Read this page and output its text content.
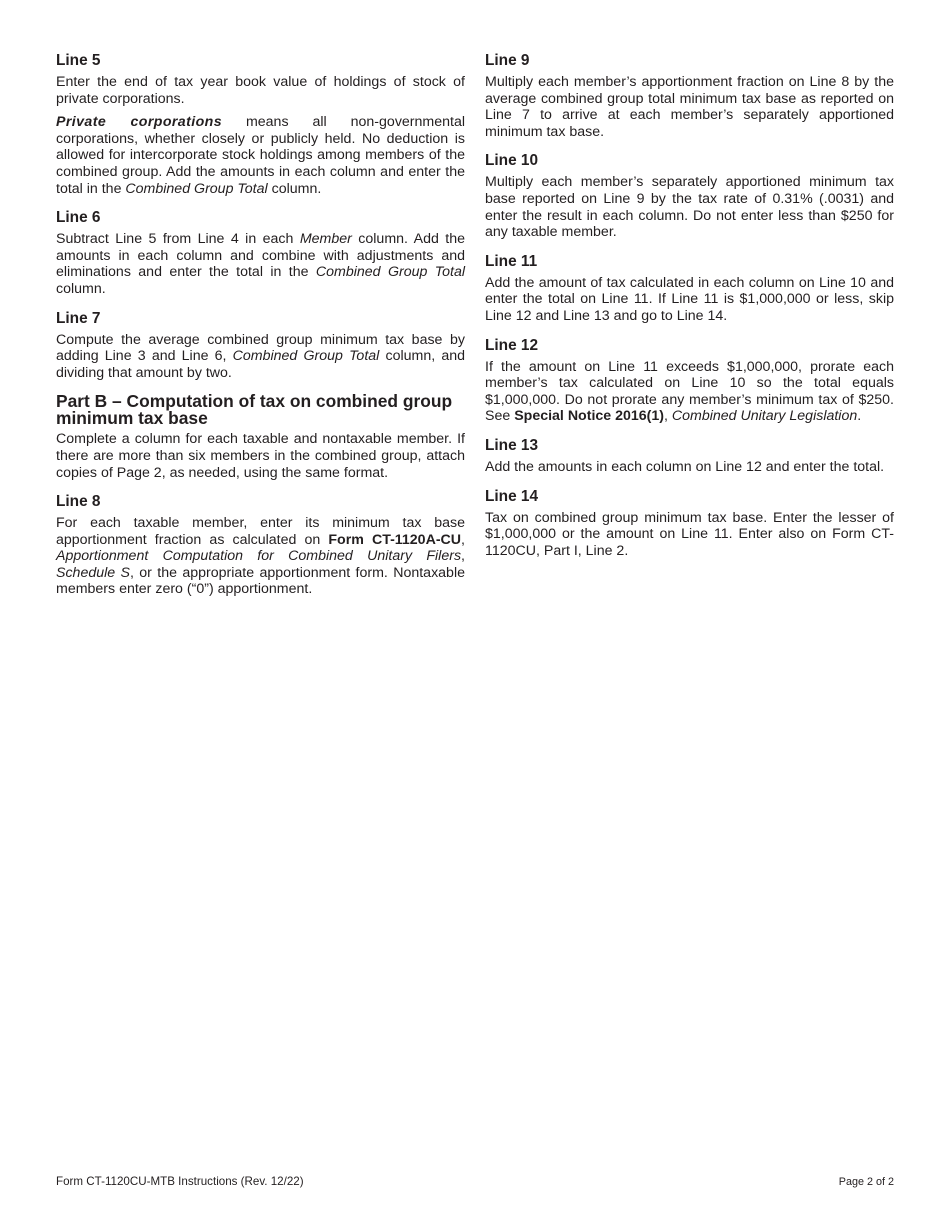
Line 5

Enter the end of tax year book value of holdings of stock of private corporations.

Private corporations means all non-governmental corporations, whether closely or publicly held. No deduction is allowed for intercorporate stock holdings among members of the combined group. Add the amounts in each column and enter the total in the Combined Group Total column.

Line 6

Subtract Line 5 from Line 4 in each Member column. Add the amounts in each column and combine with adjustments and eliminations and enter the total in the Combined Group Total column.

Line 7

Compute the average combined group minimum tax base by adding Line 3 and Line 6, Combined Group Total column, and dividing that amount by two.

Part B – Computation of tax on combined group minimum tax base

Complete a column for each taxable and nontaxable member. If there are more than six members in the combined group, attach copies of Page 2, as needed, using the same format.

Line 8

For each taxable member, enter its minimum tax base apportionment fraction as calculated on Form CT-1120A-CU, Apportionment Computation for Combined Unitary Filers, Schedule S, or the appropriate apportionment form. Nontaxable members enter zero (“0”) apportionment.

Line 9

Multiply each member’s apportionment fraction on Line 8 by the average combined group total minimum tax base as reported on Line 7 to arrive at each member’s separately apportioned minimum tax base.

Line 10

Multiply each member’s separately apportioned minimum tax base reported on Line 9 by the tax rate of 0.31% (.0031) and enter the result in each column. Do not enter less than $250 for any taxable member.

Line 11

Add the amount of tax calculated in each column on Line 10 and enter the total on Line 11. If Line 11 is $1,000,000 or less, skip Line 12 and Line 13 and go to Line 14.

Line 12

If the amount on Line 11 exceeds $1,000,000, prorate each member’s tax calculated on Line 10 so the total equals $1,000,000. Do not prorate any member’s minimum tax of $250. See Special Notice 2016(1), Combined Unitary Legislation.

Line 13

Add the amounts in each column on Line 12 and enter the total.

Line 14

Tax on combined group minimum tax base. Enter the lesser of $1,000,000 or the amount on Line 11. Enter also on Form CT-1120CU, Part I, Line 2.

Form CT-1120CU-MTB Instructions (Rev. 12/22)	Page 2 of 2
